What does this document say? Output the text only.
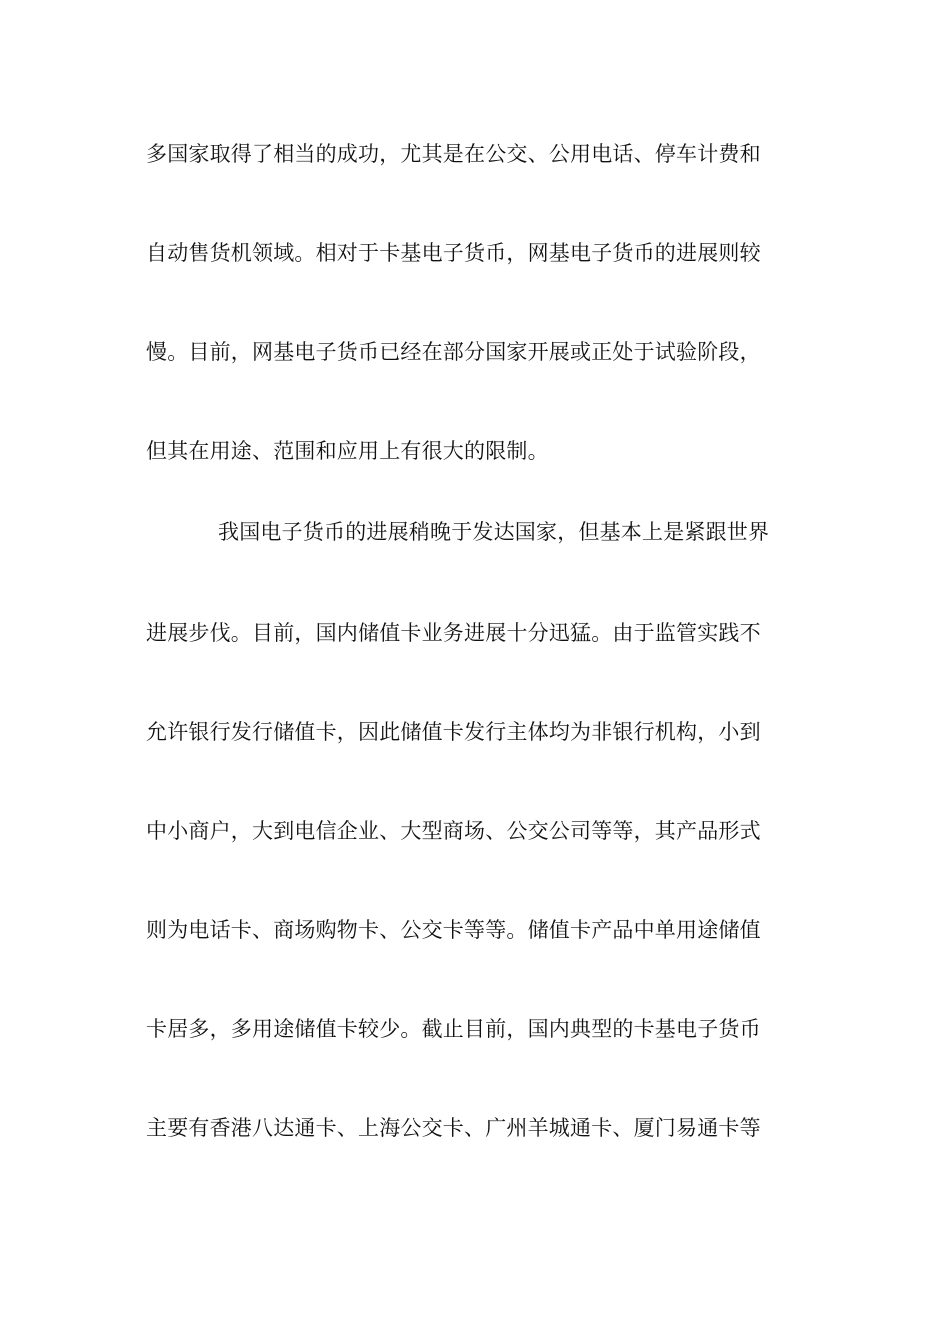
多国家取得了相当的成功，尤其是在公交、公用电话、停车计费和
自动售货机领域。相对于卡基电子货币，网基电子货币的进展则较
慢。目前，网基电子货币已经在部分国家开展或正处于试验阶段，
但其在用途、范围和应用上有很大的限制。
我国电子货币的进展稍晚于发达国家，但基本上是紧跟世界
进展步伐。目前，国内储值卡业务进展十分迅猛。由于监管实践不
允许银行发行储值卡，因此储值卡发行主体均为非银行机构，小到
中小商户，大到电信企业、大型商场、公交公司等等，其产品形式
则为电话卡、商场购物卡、公交卡等等。储值卡产品中单用途储值
卡居多，多用途储值卡较少。截止目前，国内典型的卡基电子货币
主要有香港八达通卡、上海公交卡、广州羊城通卡、厦门易通卡等
